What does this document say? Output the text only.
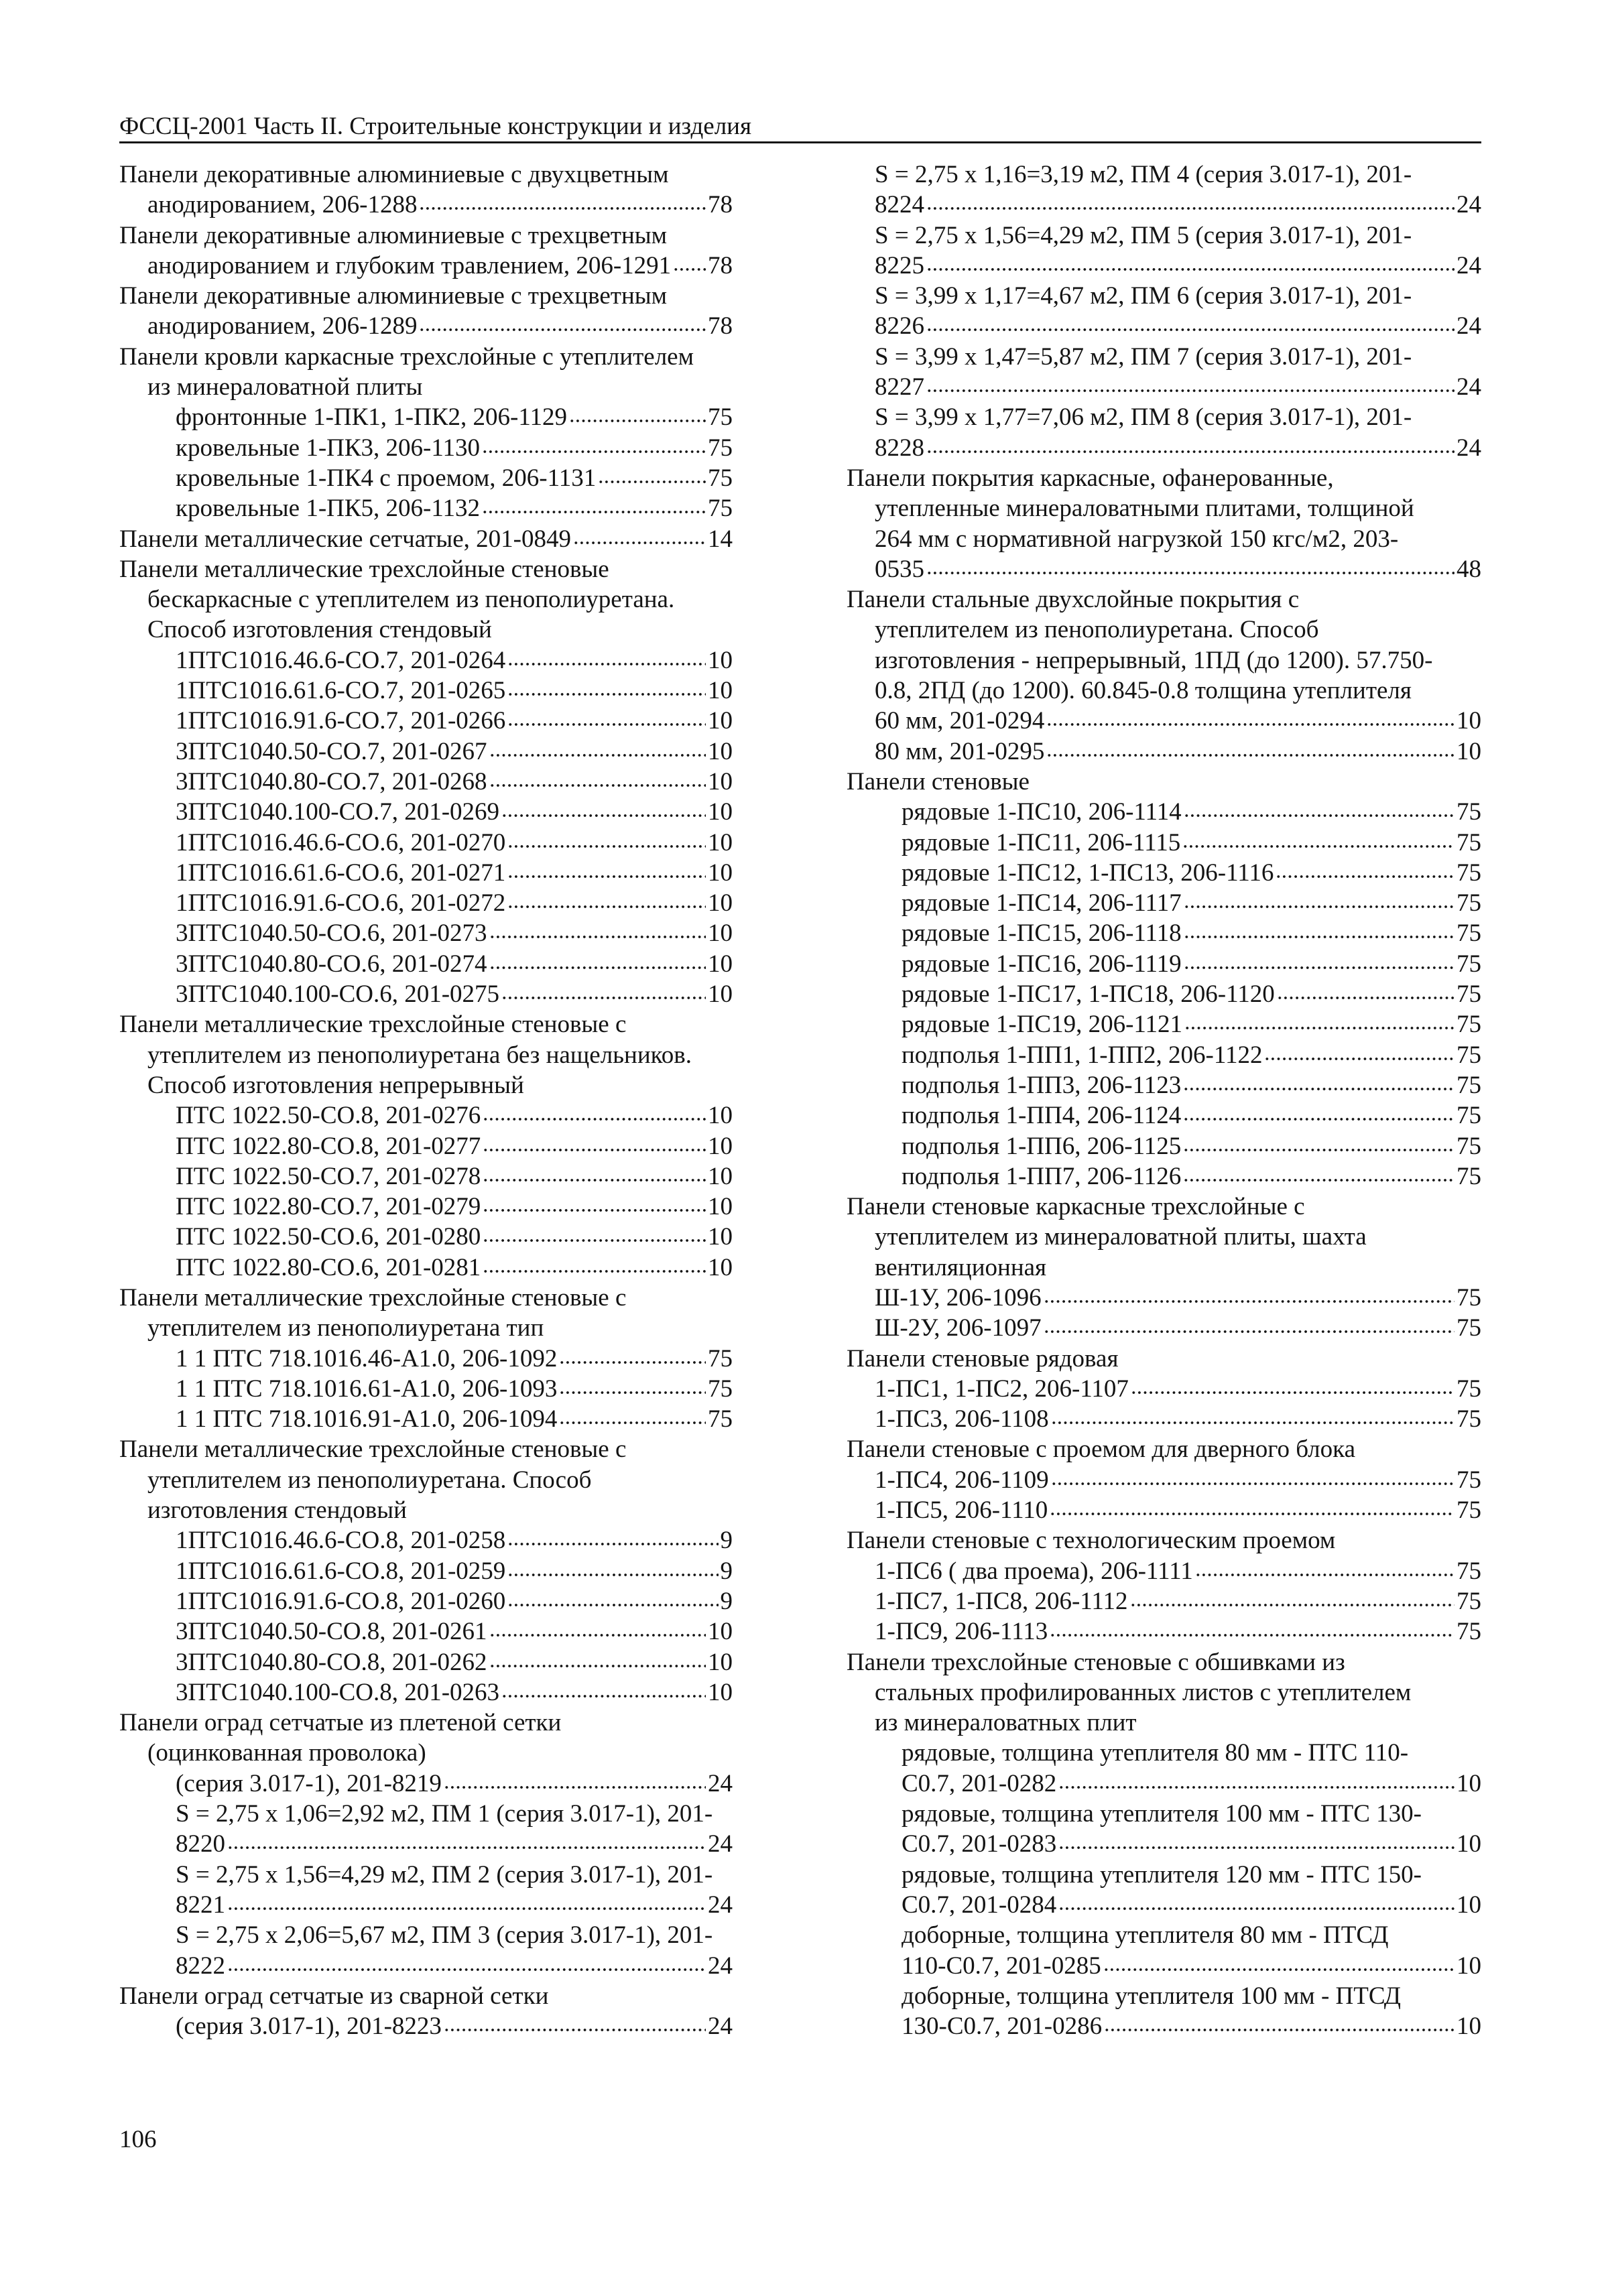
ФССЦ-2001 Часть II. Строительные конструкции и изделия
Панели декоративные алюминиевые с двухцветным
анодированием, 206-1288	78
Панели декоративные алюминиевые с трехцветным
анодированием и глубоким травлением, 206-1291 78
Панели декоративные алюминиевые с трехцветным
анодированием, 206-1289	78
Панели кровли каркасные трехслойные с утеплителем
из минераловатной плиты
фронтонные 1-ПК1, 1-ПК2, 206-1129	75
кровельные 1-ПК3, 206-1130	75
кровельные 1-ПК4 с проемом, 206-1131	75
кровельные 1-ПК5, 206-1132	75
Панели металлические сетчатые, 201-0849	14
Панели металлические трехслойные стеновые
бескаркасные с утеплителем из пенополиуретана.
Способ изготовления стендовый
1ПТС1016.46.6-СО.7, 201-0264	10
1ПТС1016.61.6-СО.7, 201-0265	10
1ПТС1016.91.6-СО.7, 201-0266	10
3ПТС1040.50-СО.7, 201-0267	10
3ПТС1040.80-СО.7, 201-0268	10
3ПТС1040.100-СО.7, 201-0269	10
1ПТС1016.46.6-СО.6, 201-0270	10
1ПТС1016.61.6-СО.6, 201-0271	10
1ПТС1016.91.6-СО.6, 201-0272	10
3ПТС1040.50-СО.6, 201-0273	10
3ПТС1040.80-СО.6, 201-0274	10
3ПТС1040.100-СО.6, 201-0275	10
Панели металлические трехслойные стеновые с
утеплителем из пенополиуретана без нащельников.
Способ изготовления непрерывный
ПТС 1022.50-СО.8, 201-0276	10
ПТС 1022.80-СО.8, 201-0277	10
ПТС 1022.50-СО.7, 201-0278	10
ПТС 1022.80-СО.7, 201-0279	10
ПТС 1022.50-СО.6, 201-0280	10
ПТС 1022.80-СО.6, 201-0281	10
Панели металлические трехслойные стеновые с
утеплителем из пенополиуретана тип
1 1 ПТС 718.1016.46-А1.0, 206-1092	75
1 1 ПТС 718.1016.61-А1.0, 206-1093	75
1 1 ПТС 718.1016.91-А1.0, 206-1094	75
Панели металлические трехслойные стеновые с
утеплителем из пенополиуретана. Способ
изготовления стендовый
1ПТС1016.46.6-СО.8, 201-0258	9
1ПТС1016.61.6-СО.8, 201-0259	9
1ПТС1016.91.6-СО.8, 201-0260	9
3ПТС1040.50-СО.8, 201-0261	10
3ПТС1040.80-СО.8, 201-0262	10
3ПТС1040.100-СО.8, 201-0263	10
Панели оград сетчатые из плетеной сетки
(оцинкованная проволока)
(серия 3.017-1), 201-8219	24
S = 2,75 х 1,06=2,92 м2, ПМ 1 (серия 3.017-1), 201-
8220	24
S = 2,75 х 1,56=4,29 м2, ПМ 2 (серия 3.017-1), 201-
8221	24
S = 2,75 х 2,06=5,67 м2, ПМ 3 (серия 3.017-1), 201-
8222	24
Панели оград сетчатые из сварной сетки
(серия 3.017-1), 201-8223	24
S = 2,75 х 1,16=3,19 м2, ПМ 4 (серия 3.017-1), 201-
8224	24
S = 2,75 х 1,56=4,29 м2, ПМ 5 (серия 3.017-1), 201-
8225	24
S = 3,99 х 1,17=4,67 м2, ПМ 6 (серия 3.017-1), 201-
8226	24
S = 3,99 х 1,47=5,87 м2, ПМ 7 (серия 3.017-1), 201-
8227	24
S = 3,99 х 1,77=7,06 м2, ПМ 8 (серия 3.017-1), 201-
8228	24
Панели покрытия каркасные, офанерованные,
утепленные минераловатными плитами, толщиной
264 мм с нормативной нагрузкой 150 кгс/м2, 203-
0535	48
Панели стальные двухслойные покрытия с
утеплителем из пенополиуретана. Способ
изготовления - непрерывный, 1ПД (до 1200). 57.750-
0.8, 2ПД (до 1200). 60.845-0.8 толщина утеплителя
60 мм, 201-0294	10
80 мм, 201-0295	10
Панели стеновые
рядовые 1-ПС10, 206-1114	75
рядовые 1-ПС11, 206-1115	75
рядовые 1-ПС12, 1-ПС13, 206-1116	75
рядовые 1-ПС14, 206-1117	75
рядовые 1-ПС15, 206-1118	75
рядовые 1-ПС16, 206-1119	75
рядовые 1-ПС17, 1-ПС18, 206-1120	75
рядовые 1-ПС19, 206-1121	75
подполья 1-ПП1, 1-ПП2, 206-1122	75
подполья 1-ПП3, 206-1123	75
подполья 1-ПП4, 206-1124	75
подполья 1-ПП6, 206-1125	75
подполья 1-ПП7, 206-1126	75
Панели стеновые каркасные трехслойные с
утеплителем из минераловатной плиты, шахта
вентиляционная
Ш-1У, 206-1096	75
Ш-2У, 206-1097	75
Панели стеновые рядовая
1-ПС1, 1-ПС2, 206-1107	75
1-ПС3, 206-1108	75
Панели стеновые с проемом для дверного блока
1-ПС4, 206-1109	75
1-ПС5, 206-1110	75
Панели стеновые с технологическим проемом
1-ПС6 ( два проема), 206-1111	75
1-ПС7, 1-ПС8, 206-1112	75
1-ПС9, 206-1113	75
Панели трехслойные стеновые с обшивками из
стальных профилированных листов с утеплителем
из минераловатных плит
рядовые, толщина утеплителя 80 мм - ПТС 110-
С0.7, 201-0282	10
рядовые, толщина утеплителя 100 мм - ПТС 130-
С0.7, 201-0283	10
рядовые, толщина утеплителя 120 мм - ПТС 150-
С0.7, 201-0284	10
доборные, толщина утеплителя 80 мм - ПТСД
110-С0.7, 201-0285	10
доборные, толщина утеплителя 100 мм - ПТСД
130-С0.7, 201-0286	10
106
